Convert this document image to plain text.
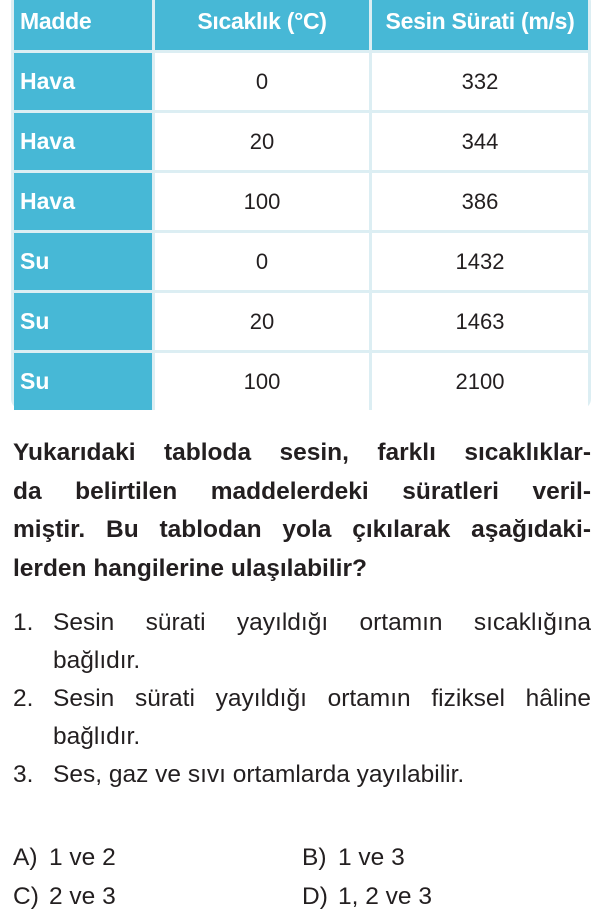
Madde	Sıcaklık (°C)	Sesin Sürati (m/s)
Hava	0	332
Hava	20	344
Hava	100	386
Su	0	1432
Su	20	1463
Su	100	2100
Yukarıdaki tabloda sesin, farklı sıcaklıklar-
da belirtilen maddelerdeki süratleri veril-
miştir. Bu tablodan yola çıkılarak aşağıdaki-
lerden hangilerine ulaşılabilir?
1. Sesin sürati yayıldığı ortamın sıcaklığına
bağlıdır.
2. Sesin sürati yayıldığı ortamın fiziksel hâline
bağlıdır.
3. Ses, gaz ve sıvı ortamlarda yayılabilir.
A) 1 ve 2	B) 1 ve 3
C) 2 ve 3	D) 1, 2 ve 3
